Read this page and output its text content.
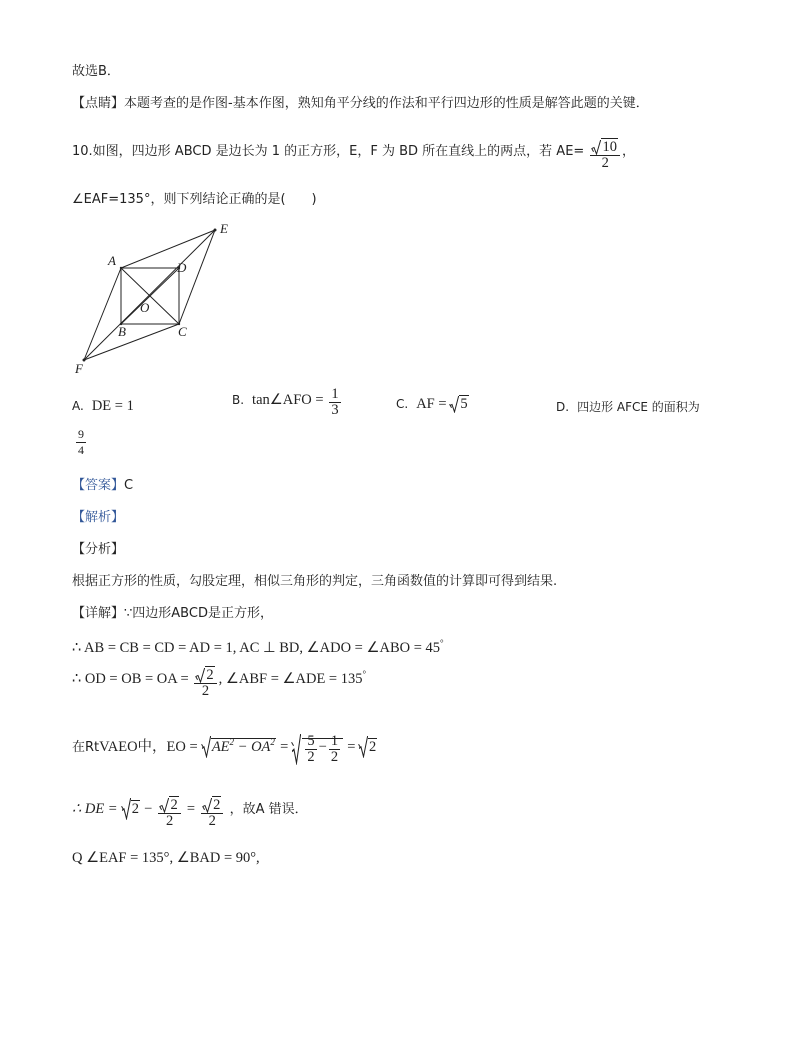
故选B．
【点睛】本题考查的是作图-基本作图，熟知角平分线的作法和平行四边形的性质是解答此题的关键．
10.如图，四边形 ABCD 是边长为 1 的正方形，E，F 为 BD 所在直线上的两点，若 $AE= \frac{10}{2}$ ，
∠EAF=135°，则下列结论正确的是(　　)
A	D
E
O
B	C
F
A. DE = 1	B. tan∠AFO = $\frac{1}{3}$	C. AF = 5	D. 四边形 AFCE 的面积为
$\frac{9}{4}$
【答案】C
【解析】
【分析】
根据正方形的性质，勾股定理，相似三角形的判定，三角函数值的计算即可得到结果.
【详解】∵四边形ABCD是正方形，
∴ AB = CB = CD = AD = 1, AC ⊥ BD, ∠ADO = ∠ABO = 45°
∴ OD = OB = OA = $\frac{2}{2}$ , ∠ABF = ∠ADE = 135°
在RtVAEO中，EO = $AE^2 - OA^2 = \frac{5}{2} - \frac{1}{2}$ =
2
∴ DE = $2 - \frac{2}{2} = \frac{2}{2}$ ，故A 错误．
Q ∠EAF = 135°, ∠BAD = 90°,
